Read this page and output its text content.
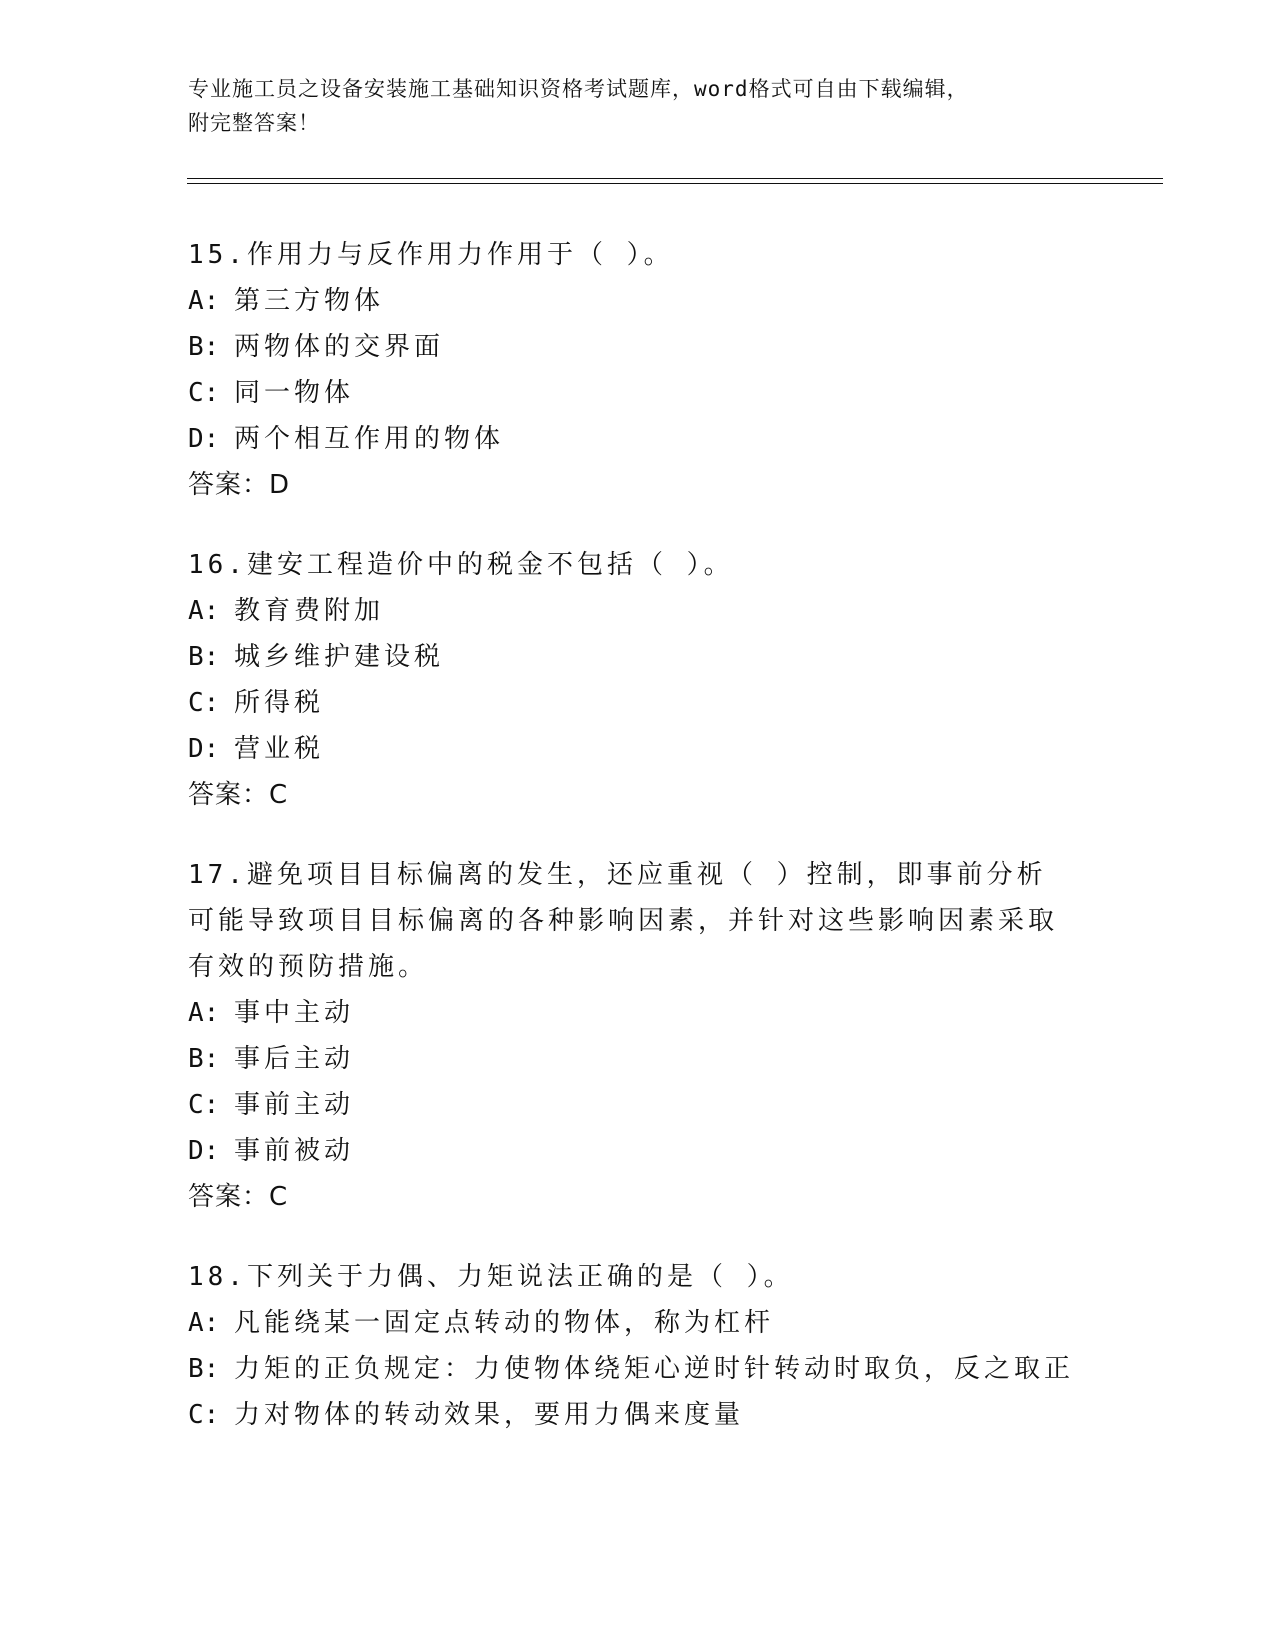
专业施工员之设备安装施工基础知识资格考试题库，word格式可自由下载编辑，
附完整答案！
15.作用力与反作用力作用于（ ）。
A: 第三方物体
B: 两物体的交界面
C: 同一物体
D: 两个相互作用的物体
答案：D
16.建安工程造价中的税金不包括（ ）。
A: 教育费附加
B: 城乡维护建设税
C: 所得税
D: 营业税
答案：C
17.避免项目目标偏离的发生，还应重视（ ）控制，即事前分析可能导致项目目标偏离的各种影响因素，并针对这些影响因素采取有效的预防措施。
A: 事中主动
B: 事后主动
C: 事前主动
D: 事前被动
答案：C
18.下列关于力偶、力矩说法正确的是（ ）。
A: 凡能绕某一固定点转动的物体，称为杠杆
B: 力矩的正负规定：力使物体绕矩心逆时针转动时取负，反之取正
C: 力对物体的转动效果，要用力偶来度量
